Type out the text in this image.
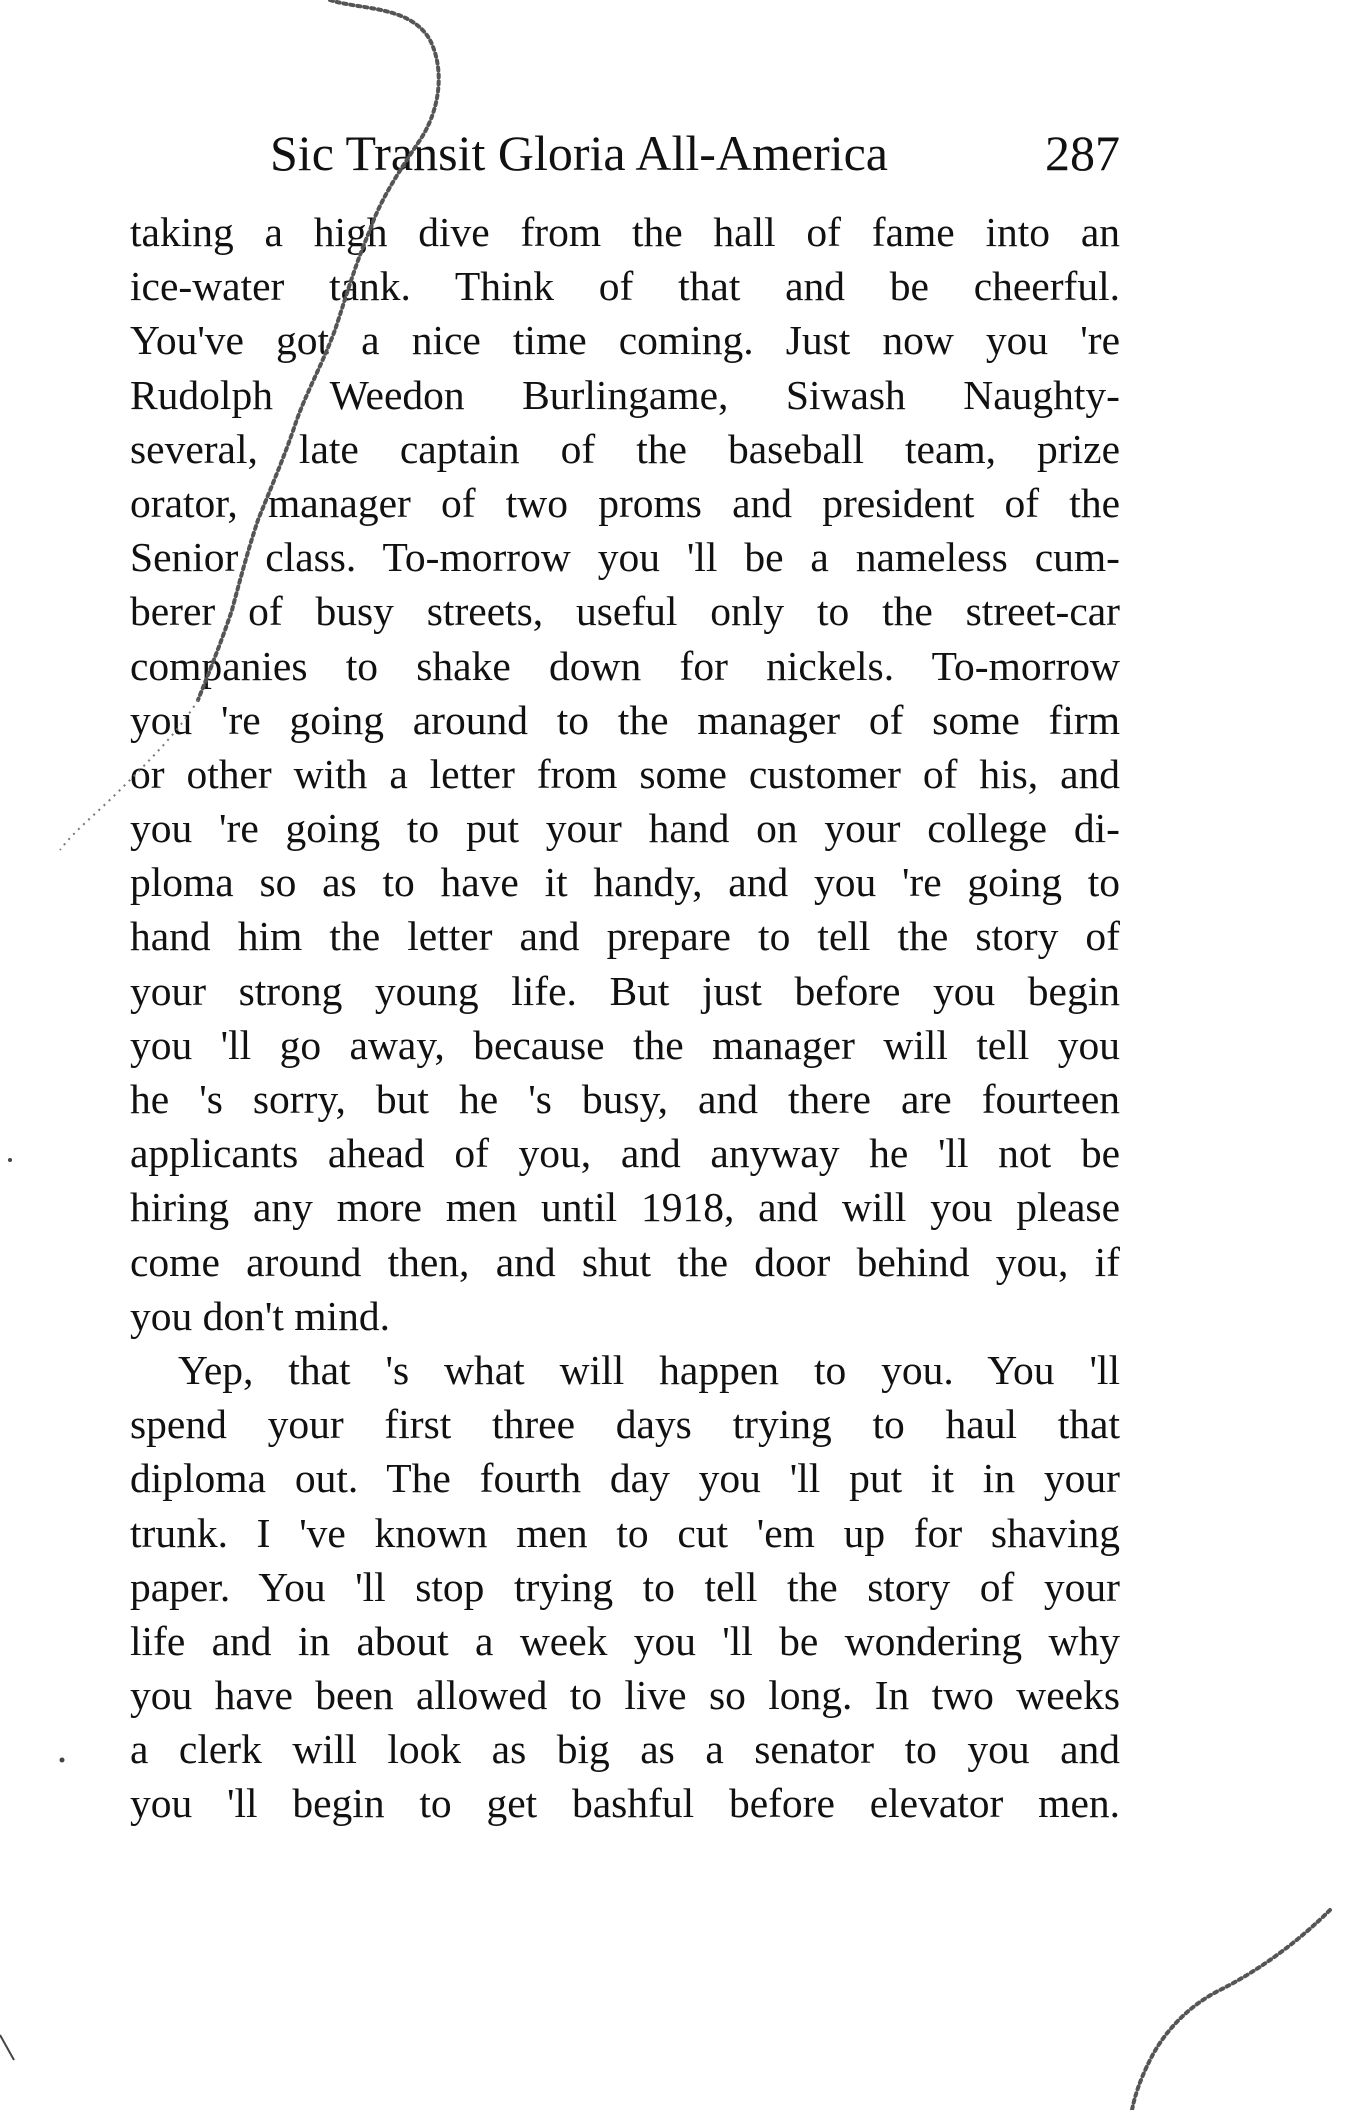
Sic Transit Gloria All-America	287
taking a high dive from the hall of fame into an
ice-water tank. Think of that and be cheerful.
You've got a nice time coming. Just now you 're
Rudolph Weedon Burlingame, Siwash Naughty-
several, late captain of the baseball team, prize
orator, manager of two proms and president of the
Senior class. To-morrow you 'll be a nameless cum-
berer of busy streets, useful only to the street-car
companies to shake down for nickels. To-morrow
you 're going around to the manager of some firm
or other with a letter from some customer of his, and
you 're going to put your hand on your college di-
ploma so as to have it handy, and you 're going to
hand him the letter and prepare to tell the story of
your strong young life. But just before you begin
you 'll go away, because the manager will tell you
he 's sorry, but he 's busy, and there are fourteen
applicants ahead of you, and anyway he 'll not be
hiring any more men until 1918, and will you please
come around then, and shut the door behind you, if
you don't mind.
Yep, that 's what will happen to you. You 'll
spend your first three days trying to haul that
diploma out. The fourth day you 'll put it in your
trunk. I 've known men to cut 'em up for shaving
paper. You 'll stop trying to tell the story of your
life and in about a week you 'll be wondering why
you have been allowed to live so long. In two weeks
a clerk will look as big as a senator to you and
you 'll begin to get bashful before elevator men.
